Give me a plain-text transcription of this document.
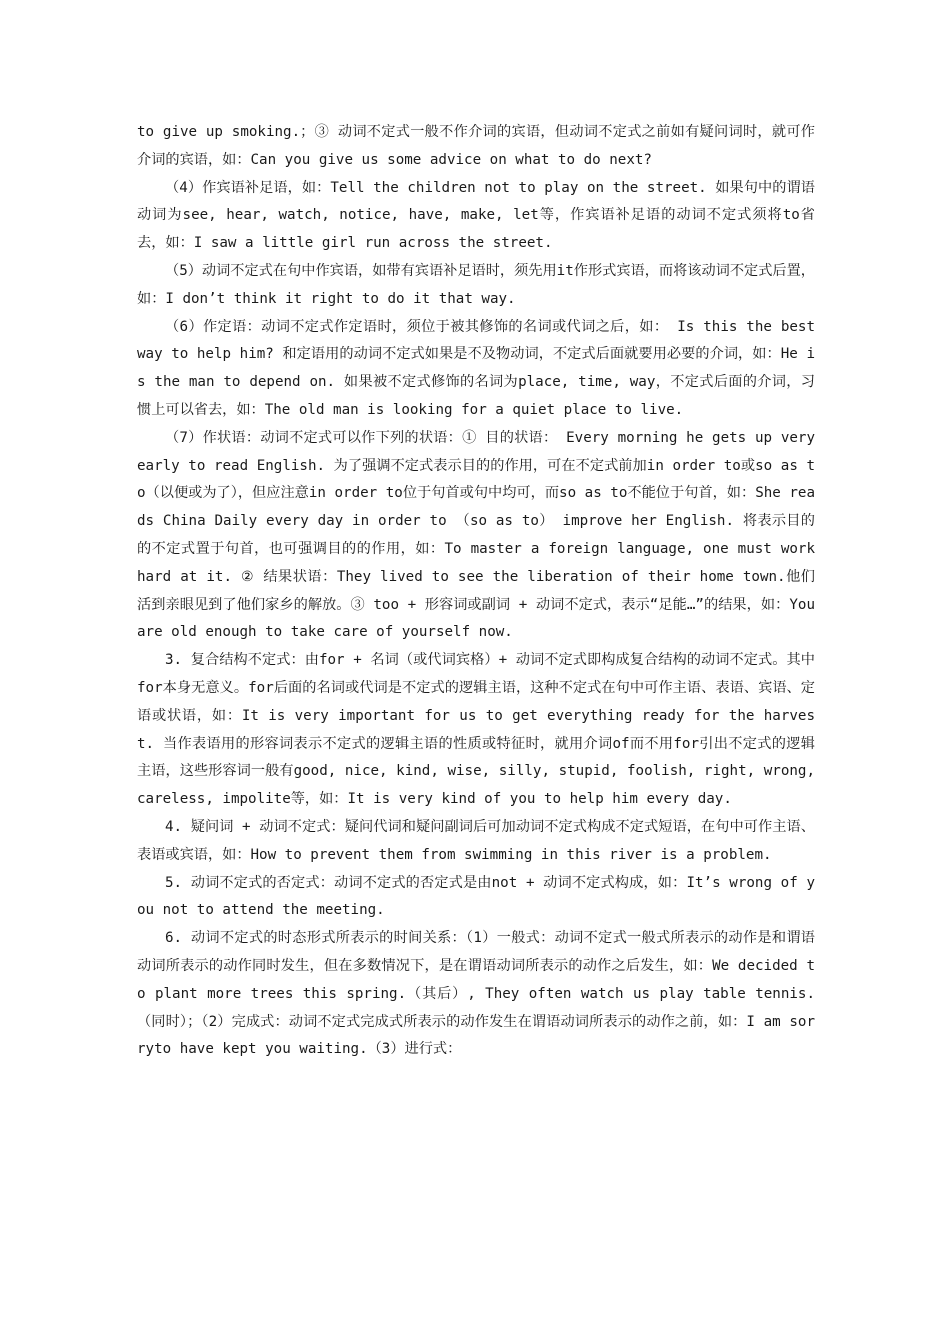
to give up smoking.；③ 动词不定式一般不作介词的宾语，但动词不定式之前如有疑问词时，就可作介词的宾语，如：Can you give us some advice on what to do next?

（4）作宾语补足语，如：Tell the children not to play on the street. 如果句中的谓语动词为see, hear, watch, notice, have, make, let等，作宾语补足语的动词不定式须将to省去，如：I saw a little girl run across the street.

（5）动词不定式在句中作宾语，如带有宾语补足语时，须先用it作形式宾语，而将该动词不定式后置，如：I don’t think it right to do it that way.

（6）作定语：动词不定式作定语时，须位于被其修饰的名词或代词之后，如： Is this the best way to help him? 和定语用的动词不定式如果是不及物动词，不定式后面就要用必要的介词，如：He is the man to depend on. 如果被不定式修饰的名词为place, time, way，不定式后面的介词，习惯上可以省去，如：The old man is looking for a quiet place to live.

（7）作状语：动词不定式可以作下列的状语：① 目的状语： Every morning he gets up very early to read English. 为了强调不定式表示目的的作用，可在不定式前加in order to或so as to（以便或为了），但应注意in order to位于句首或句中均可，而so as to不能位于句首，如：She reads China Daily every day in order to （so as to） improve her English. 将表示目的的不定式置于句首，也可强调目的的作用，如：To master a foreign language, one must work hard at it. ② 结果状语：They lived to see the liberation of their home town.他们活到亲眼见到了他们家乡的解放。③ too + 形容词或副词 + 动词不定式，表示“足能…”的结果，如：You are old enough to take care of yourself now.

3. 复合结构不定式：由for + 名词（或代词宾格）+ 动词不定式即构成复合结构的动词不定式。其中for本身无意义。for后面的名词或代词是不定式的逻辑主语，这种不定式在句中可作主语、表语、宾语、定语或状语，如：It is very important for us to get everything ready for the harvest. 当作表语用的形容词表示不定式的逻辑主语的性质或特征时，就用介词of而不用for引出不定式的逻辑主语，这些形容词一般有good, nice, kind, wise, silly, stupid, foolish, right, wrong, careless, impolite等，如：It is very kind of you to help him every day.

4. 疑问词 + 动词不定式：疑问代词和疑问副词后可加动词不定式构成不定式短语，在句中可作主语、表语或宾语，如：How to prevent them from swimming in this river is a problem.

5. 动词不定式的否定式：动词不定式的否定式是由not + 动词不定式构成，如：It’s wrong of you not to attend the meeting.

6. 动词不定式的时态形式所表示的时间关系：（1）一般式：动词不定式一般式所表示的动作是和谓语动词所表示的动作同时发生，但在多数情况下，是在谓语动词所表示的动作之后发生，如：We decided to plant more trees this spring.（其后）, They often watch us play table tennis.（同时）；（2）完成式：动词不定式完成式所表示的动作发生在谓语动词所表示的动作之前，如：I am sorryto have kept you waiting.（3）进行式：
